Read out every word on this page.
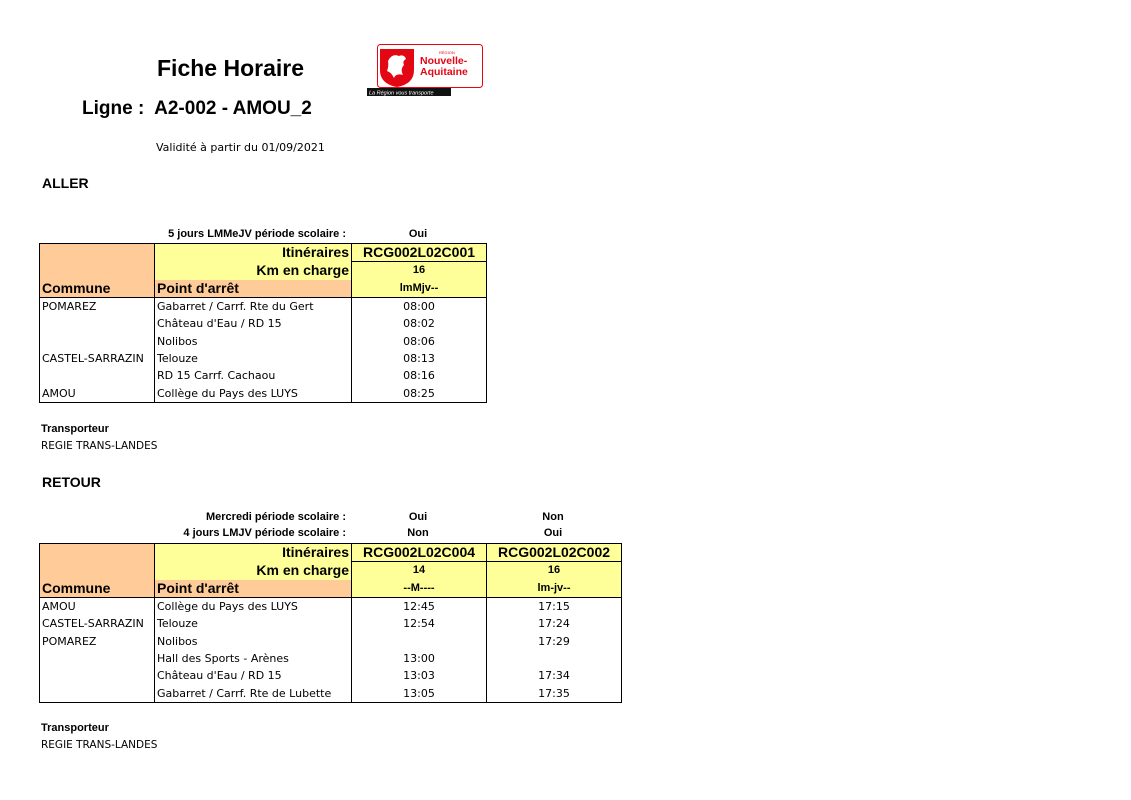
Fiche Horaire
Ligne : A2-002 - AMOU_2
Validité à partir du 01/09/2021
RÉGION
Nouvelle-
Aquitaine
La Région vous transporte
ALLER
5 jours LMMeJV période scolaire :	Oui
	Itinéraires	RCG002L02C001
	Km en charge	16
Commune	Point d'arrêt	lmMjv--
POMAREZ	Gabarret / Carrf. Rte du Gert	08:00
	Château d'Eau / RD 15	08:02
	Nolibos	08:06
CASTEL-SARRAZIN	Telouze	08:13
	RD 15 Carrf. Cachaou	08:16
AMOU	Collège du Pays des LUYS	08:25
Transporteur
REGIE TRANS-LANDES
RETOUR
Mercredi période scolaire :	Oui	Non
4 jours LMJV période scolaire :	Non	Oui
	Itinéraires	RCG002L02C004	RCG002L02C002
	Km en charge	14	16
Commune	Point d'arrêt	--M----	lm-jv--
AMOU	Collège du Pays des LUYS	12:45	17:15
CASTEL-SARRAZIN	Telouze	12:54	17:24
POMAREZ	Nolibos		17:29
	Hall des Sports - Arènes	13:00	
	Château d'Eau / RD 15	13:03	17:34
	Gabarret / Carrf. Rte de Lubette	13:05	17:35
Transporteur
REGIE TRANS-LANDES
